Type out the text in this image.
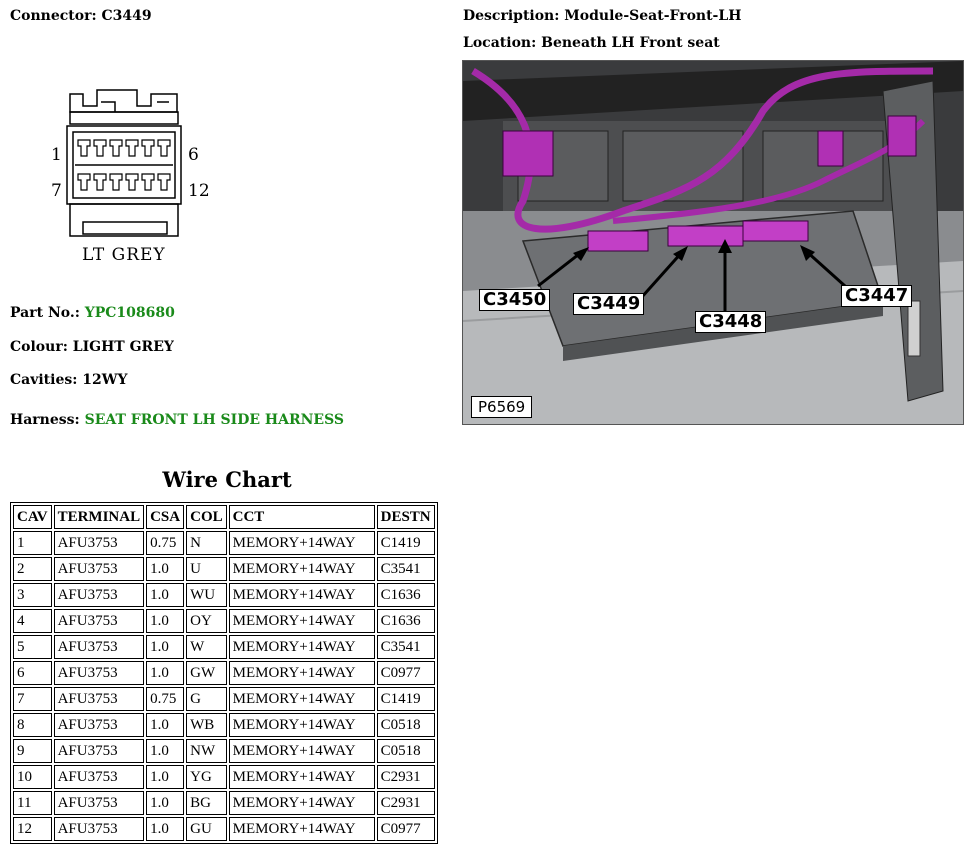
Connector: C3449	Description: Module-Seat-Front-LH
Location: Beneath LH Front seat
1	6
7	12
LT GREY
Part No.: YPC108680
Colour: LIGHT GREY
Cavities: 12WY
Harness: SEAT FRONT LH SIDE HARNESS
C3450 C3449
C3448
C3447
P6569
Wire Chart
CAV	TERMINAL	CSA	COL	CCT	DESTN
1	AFU3753	0.75	N	MEMORY+14WAY	C1419
2	AFU3753	1.0	U	MEMORY+14WAY	C3541
3	AFU3753	1.0	WU	MEMORY+14WAY	C1636
4	AFU3753	1.0	OY	MEMORY+14WAY	C1636
5	AFU3753	1.0	W	MEMORY+14WAY	C3541
6	AFU3753	1.0	GW	MEMORY+14WAY	C0977
7	AFU3753	0.75	G	MEMORY+14WAY	C1419
8	AFU3753	1.0	WB	MEMORY+14WAY	C0518
9	AFU3753	1.0	NW	MEMORY+14WAY	C0518
10	AFU3753	1.0	YG	MEMORY+14WAY	C2931
11	AFU3753	1.0	BG	MEMORY+14WAY	C2931
12	AFU3753	1.0	GU	MEMORY+14WAY	C0977
